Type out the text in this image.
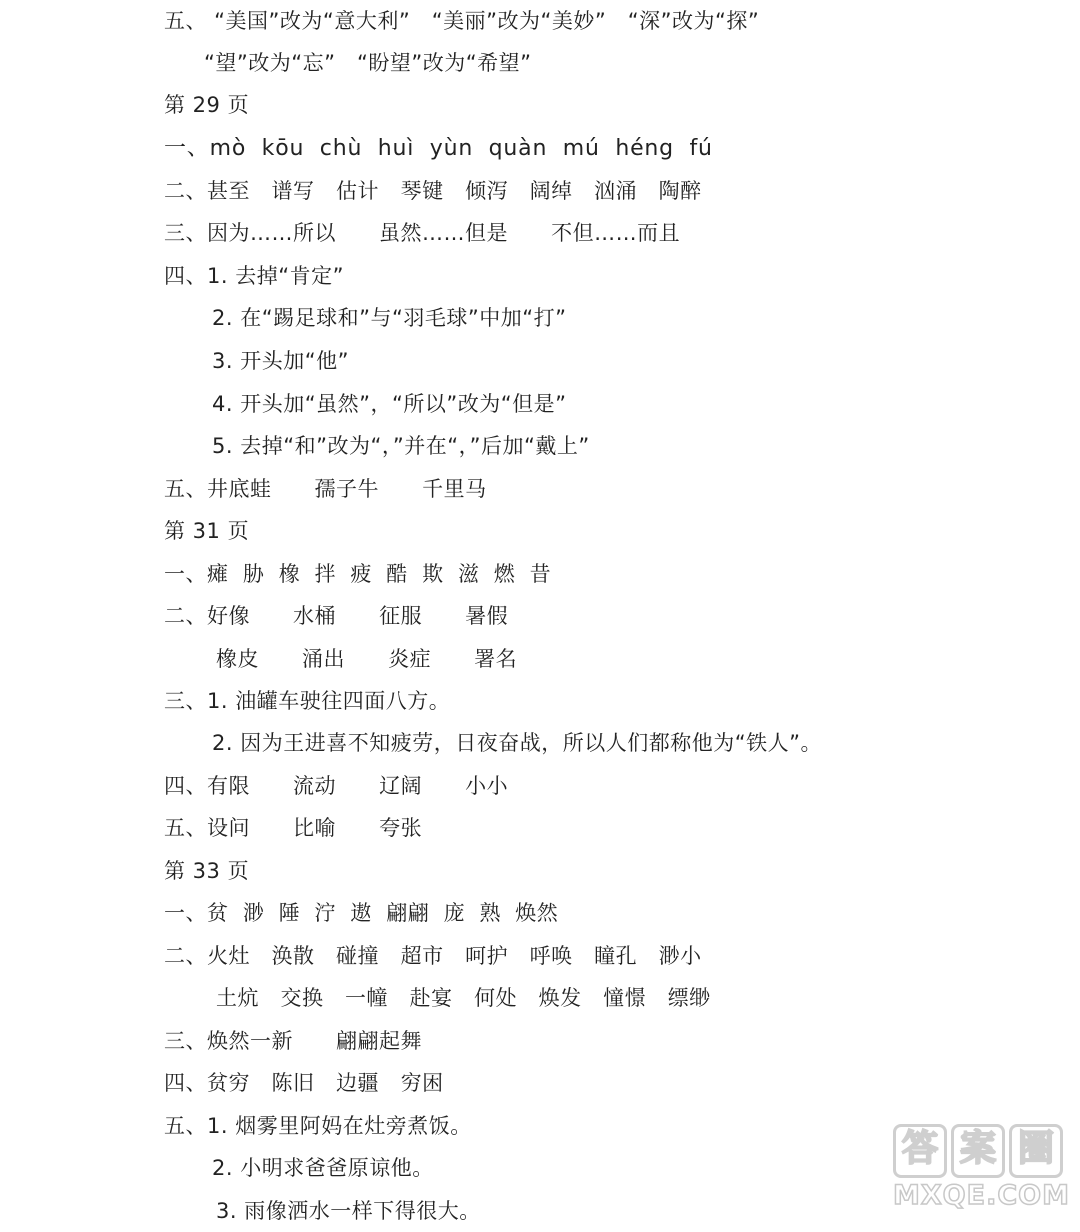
五、 “美国”改为“意大利”   “美丽”改为“美妙”   “深”改为“探”
“望”改为“忘”   “盼望”改为“希望”
第 29 页
一、mò  kōu  chù  huì  yùn  quàn  mú  héng  fú
二、甚至   谱写   估计   琴键   倾泻   阔绰   汹涌   陶醉
三、因为……所以      虽然……但是      不但……而且
四、1. 去掉“肯定”
2. 在“踢足球和”与“羽毛球”中加“打”
3. 开头加“他”
4. 开头加“虽然”，“所以”改为“但是”
5. 去掉“和”改为“，”并在“，”后加“戴上”
五、井底蛙      孺子牛      千里马
第 31 页
一、瘫  胁  橡  拌  疲  酷  欺  滋  燃  昔
二、好像      水桶      征服      暑假
橡皮      涌出      炎症      署名
三、1. 油罐车驶往四面八方。
2. 因为王进喜不知疲劳，日夜奋战，所以人们都称他为“铁人”。
四、有限      流动      辽阔      小小
五、设问      比喻      夸张
第 33 页
一、贫  渺  陲  泞  遨  翩翩  庞  熟  焕然
二、火灶   涣散   碰撞   超市   呵护   呼唤   瞳孔   渺小
土炕   交换   一幢   赴宴   何处   焕发   憧憬   缥缈
三、焕然一新      翩翩起舞
四、贫穷   陈旧   边疆   穷困
五、1. 烟雾里阿妈在灶旁煮饭。
2. 小明求爸爸原谅他。
3. 雨像洒水一样下得很大。
答 案 圈
MXQE.COM
